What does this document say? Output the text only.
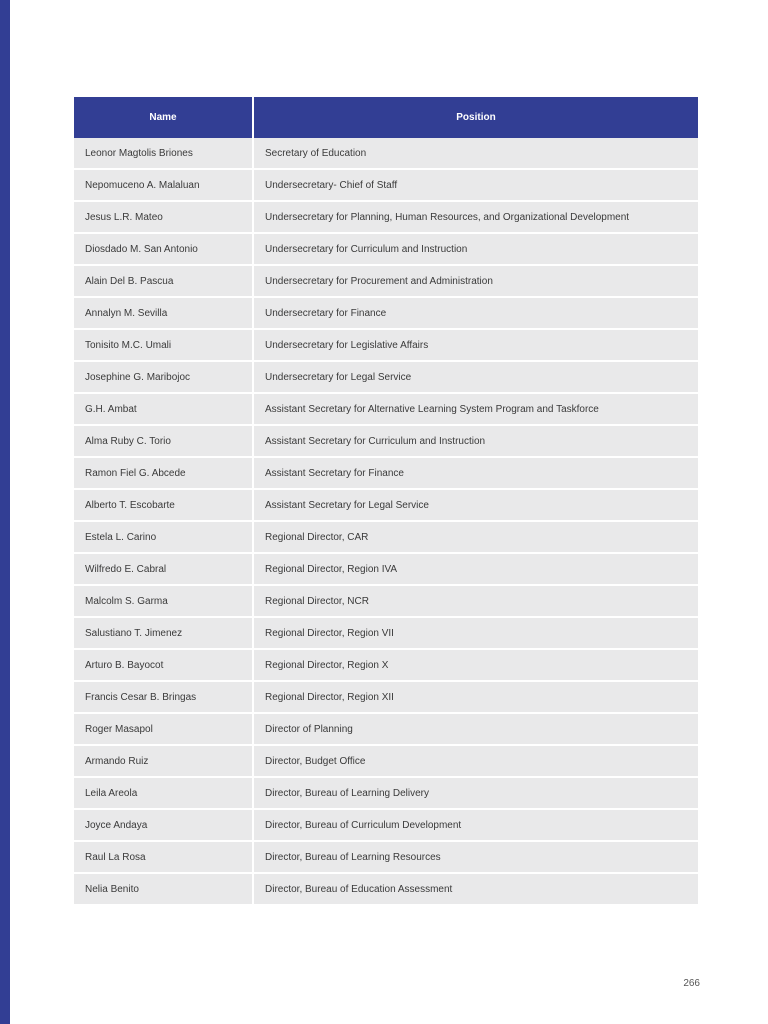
Name	Position
Leonor Magtolis Briones	Secretary of Education
Nepomuceno A. Malaluan	Undersecretary- Chief of Staff
Jesus L.R. Mateo	Undersecretary for Planning, Human Resources, and Organizational Development
Diosdado M. San Antonio	Undersecretary for Curriculum and Instruction
Alain Del B. Pascua	Undersecretary for Procurement and Administration
Annalyn M. Sevilla	Undersecretary for Finance
Tonisito M.C. Umali	Undersecretary for Legislative Affairs
Josephine G. Maribojoc	Undersecretary for Legal Service
G.H. Ambat	Assistant Secretary for Alternative Learning System Program and Taskforce
Alma Ruby C. Torio	Assistant Secretary for Curriculum and Instruction
Ramon Fiel G. Abcede	Assistant Secretary for Finance
Alberto T. Escobarte	Assistant Secretary for Legal Service
Estela L. Carino	Regional Director, CAR
Wilfredo E. Cabral	Regional Director, Region IVA
Malcolm S. Garma	Regional Director, NCR
Salustiano T. Jimenez	Regional Director, Region VII
Arturo B. Bayocot	Regional Director, Region X
Francis Cesar B. Bringas	Regional Director, Region XII
Roger Masapol	Director of Planning
Armando Ruiz	Director, Budget Office
Leila Areola	Director, Bureau of Learning Delivery
Joyce Andaya	Director, Bureau of Curriculum Development
Raul La Rosa	Director, Bureau of Learning Resources
Nelia Benito	Director, Bureau of Education Assessment
266
